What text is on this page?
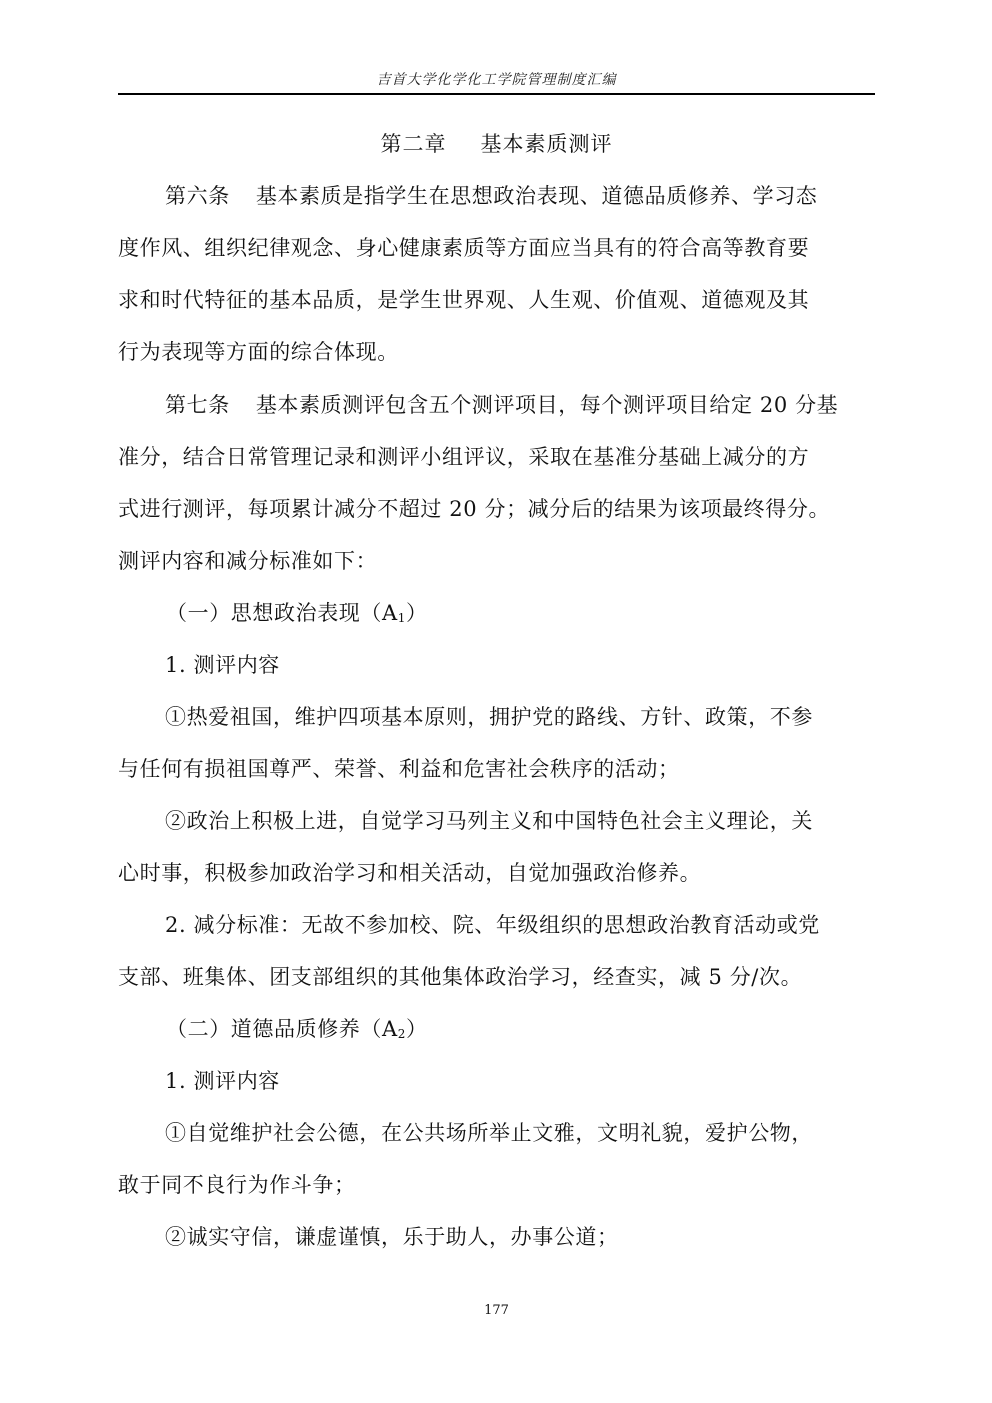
吉首大学化学化工学院管理制度汇编
第二章 基本素质测评
第六条 基本素质是指学生在思想政治表现、道德品质修养、学习态
度作风、组织纪律观念、身心健康素质等方面应当具有的符合高等教育要
求和时代特征的基本品质，是学生世界观、人生观、价值观、道德观及其
行为表现等方面的综合体现。
第七条 基本素质测评包含五个测评项目，每个测评项目给定 20 分基
准分，结合日常管理记录和测评小组评议，采取在基准分基础上减分的方
式进行测评，每项累计减分不超过 20 分；减分后的结果为该项最终得分。
测评内容和减分标准如下：
（一）思想政治表现（A1）
1. 测评内容
①热爱祖国，维护四项基本原则，拥护党的路线、方针、政策，不参
与任何有损祖国尊严、荣誉、利益和危害社会秩序的活动；
②政治上积极上进，自觉学习马列主义和中国特色社会主义理论，关
心时事，积极参加政治学习和相关活动，自觉加强政治修养。
2. 减分标准：无故不参加校、院、年级组织的思想政治教育活动或党
支部、班集体、团支部组织的其他集体政治学习，经查实，减 5 分/次。
（二）道德品质修养（A2）
1. 测评内容
①自觉维护社会公德，在公共场所举止文雅，文明礼貌，爱护公物，
敢于同不良行为作斗争；
②诚实守信，谦虚谨慎，乐于助人，办事公道；
177
